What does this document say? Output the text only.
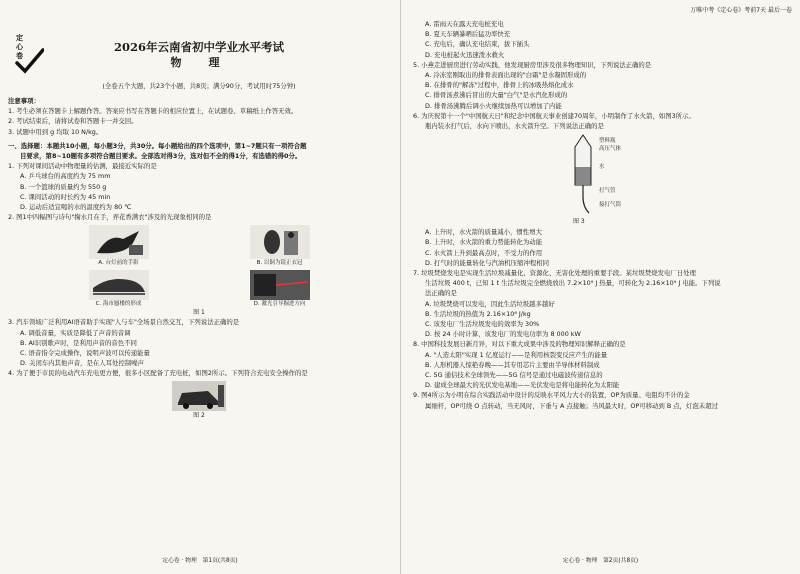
定
心
卷
2026年云南省初中学业水平考试
物　理
(全卷五个大题，共23个小题，共8页；满分90分，考试用时75分钟)
注意事项：
1. 考生必须在答题卡上解题作答。答案应书写在答题卡的相应位置上，在试题卷、草稿纸上作答无效。
2. 考试结束后，请将试卷和答题卡一并交回。
3. 试题中用到 g 均取 10 N/kg。
一、选择题：本题共10小题，每小题3分，共30分。每小题给出的四个选项中，第1~7题只有一项符合题
目要求，第8~10题有多项符合题目要求。全部选对得3分，选对但不全的得1分，有选错的得0分。
1. 下列对课间活动中物理量的估测，最接近实际的是
A. 乒乓球台的高度约为 75 mm
B. 一个篮球的质量约为 550 g
C. 课间活动的时长约为 45 min
D. 运动后适宜喝的水的温度约为 80 ℃
2. 图1中四幅图与诗句"掬水月在手，弄花香满衣"涉及的光现象相同的是
A. 台灯前的手影	B. 以铜为镜正衣冠
C. 海市蜃楼的形成	D. 激光引导掘进方向
图 1
3. 汽车领域广泛利用AI语音助手实现"人与车"全场景自然交互，下列说法正确的是
A. 调低音量，实质是降低了声音的音调
B. AI识别歌声时，是利用声音的音色不同
C. 语音指令完成操作，说明声波可以传递能量
D. 关闭车内其他声音，是在人耳处控制噪声
4. 为了便于市民的电动汽车充电更方便，很多小区配备了充电桩，如图2所示。下列符合充电安全操作的是
图 2
定心卷 · 物理　第1页(共8页)
万唯中考《定心卷》考前7天 最后一卷
A. 雷雨天在露天充电桩充电
B. 夏天车辆暴晒后猛功率快充
C. 充电后，确认充电结束，拔下插头
D. 充电桩起火迅速泼水救火
5. 小燕走进厨房进行劳动实践，他发现厨房里涉及很多物理知识，下列说法正确的是
A. 冷冻室刚取出的排骨表面出现的"白霜"是水凝固形成的
B. 在排骨的"解冻"过程中，排骨上的冰吸热熔化成水
C. 排骨汤煮沸后冒出的大量"白气"是水汽化形成的
D. 排骨汤沸腾后调小火继续加热可以增加了内能
6. 为庆祝第十一个"中国航天日"和纪念中国航天事业创建70周年，小明制作了水火箭，如图3所示。
瓶内装水打气后，水向下喷出，水火箭升空。下列说法正确的是
塑料瓶
高压气体
水
打气管
接打气筒
图 3
A. 上升时，水火箭的质量减小，惯性增大
B. 上升时，水火箭的重力势能转化为动能
C. 水火箭上升到最高点时，不受力的作用
D. 打气时的能量转化与汽油机压缩冲程相同
7. 垃圾焚烧发电是实现生活垃圾减量化、资源化、无害化处理的重要手段。某垃圾焚烧发电厂日处理
生活垃圾 400 t，已知 1 t 生活垃圾完全燃烧放出 7.2×10⁹ J 热量，可转化为 2.16×10⁹ J 电能。下列说
法正确的是
A. 垃圾焚烧可以发电，因此生活垃圾越多越好
B. 生活垃圾的热值为 2.16×10⁶ J/kg
C. 该发电厂生活垃圾发电的效率为 30%
D. 按 24 小时计算，该发电厂的发电功率为 8 000 kW
8. 中国科技发展日新月异，对以下重大成果中涉及的物理知识解释正确的是
A. "人造太阳"实现 1 亿度运行——是利用核裂变反应产生的能量
B. 人形机器人惊艳春晚——其专用芯片主要由半导体材料制成
C. 5G 通信技术全球领先——5G 信号是通过电磁波传递信息的
D. 建成全球最大的光伏发电基地——光伏发电是将电能转化为太阳能
9. 图4所示为小明在综合实践活动中设计的反映水平风力大小的装置，OP为质量、电阻均不计的金
属细杆，OP可绕 O 点转动，当无风时，下垂与 A 点接触；当风最大时，OP可移动到 B 点，灯泡未超过
定心卷 · 物理　第2页(共8页)
